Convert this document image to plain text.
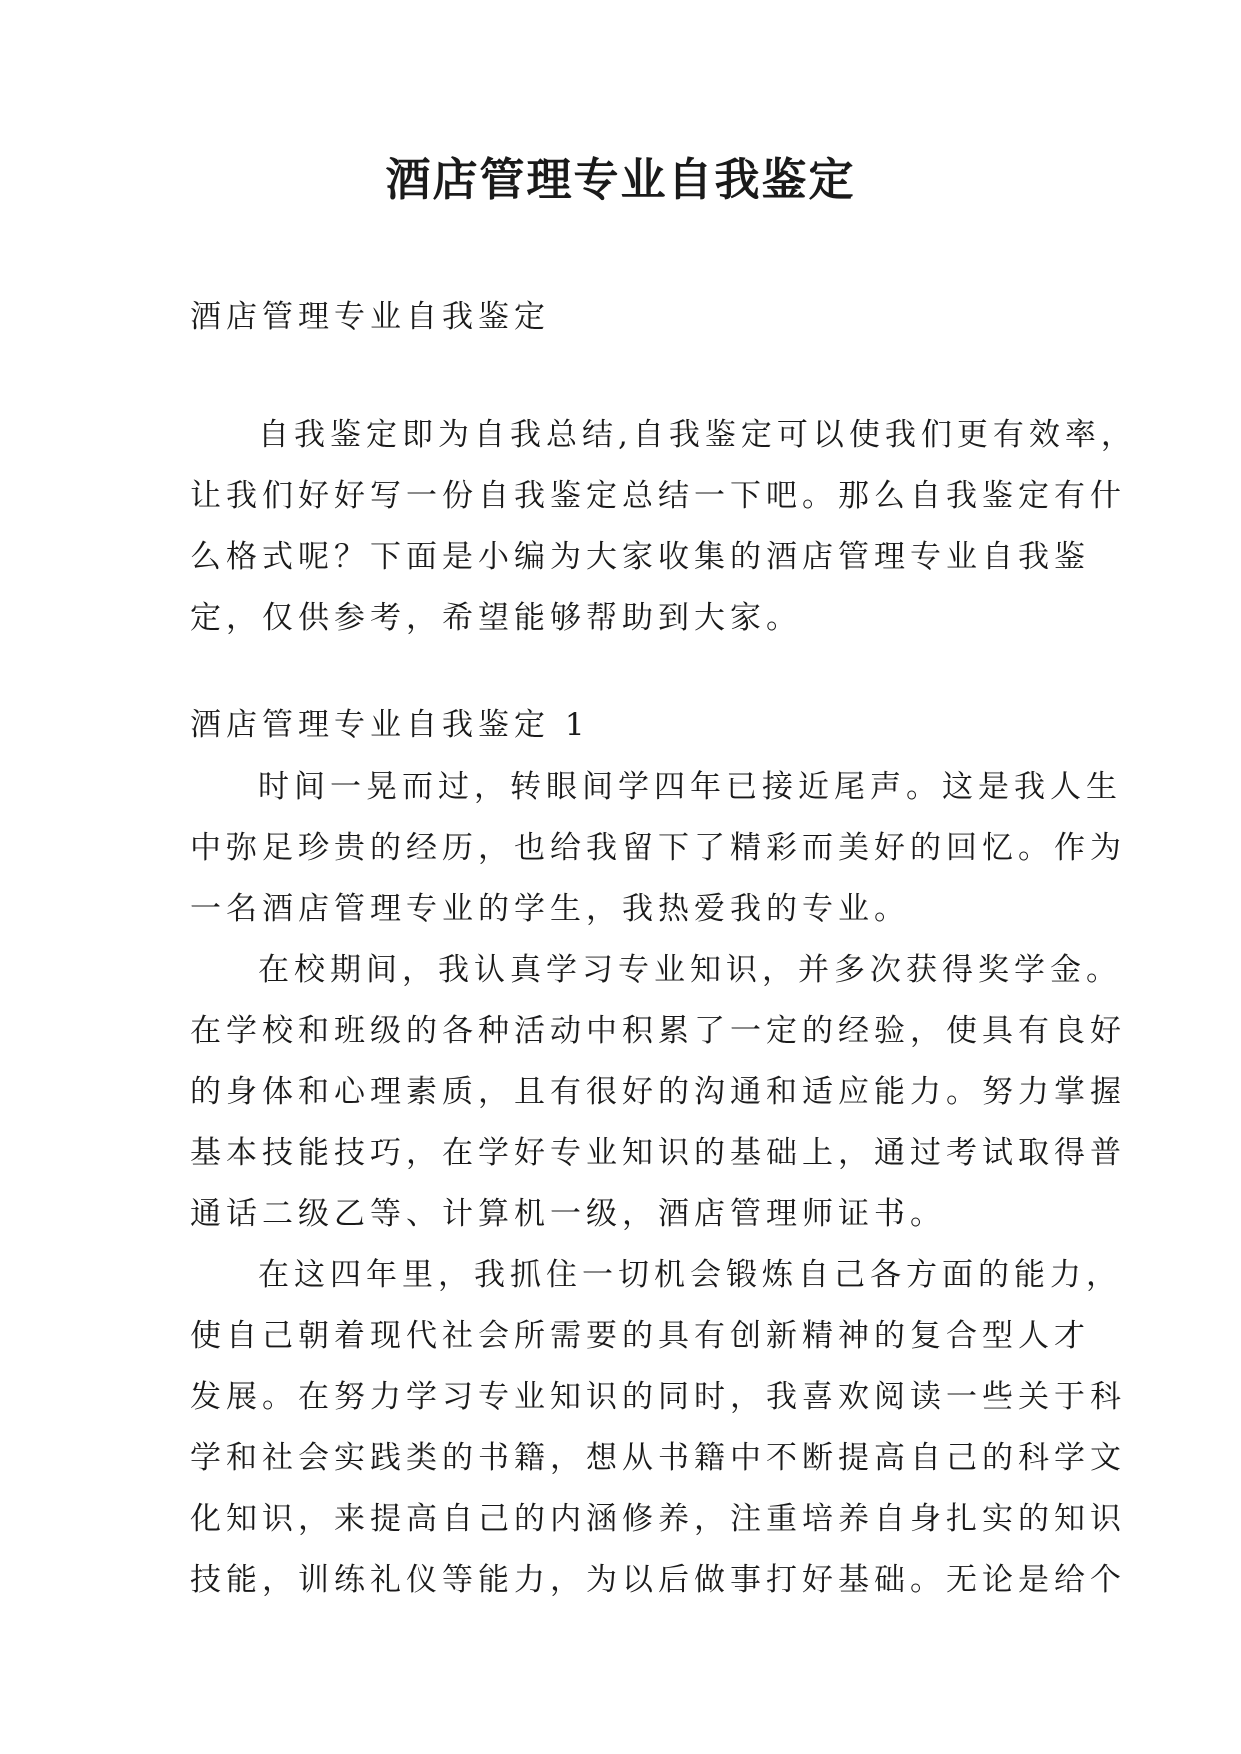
酒店管理专业自我鉴定

酒店管理专业自我鉴定

自我鉴定即为自我总结,自我鉴定可以使我们更有效率，
让我们好好写一份自我鉴定总结一下吧。那么自我鉴定有什
么格式呢？下面是小编为大家收集的酒店管理专业自我鉴
定，仅供参考，希望能够帮助到大家。

酒店管理专业自我鉴定 1

时间一晃而过，转眼间学四年已接近尾声。这是我人生
中弥足珍贵的经历，也给我留下了精彩而美好的回忆。作为
一名酒店管理专业的学生，我热爱我的专业。
在校期间，我认真学习专业知识，并多次获得奖学金。
在学校和班级的各种活动中积累了一定的经验，使具有良好
的身体和心理素质，且有很好的沟通和适应能力。努力掌握
基本技能技巧，在学好专业知识的基础上，通过考试取得普
通话二级乙等、计算机一级，酒店管理师证书。
在这四年里，我抓住一切机会锻炼自己各方面的能力，
使自己朝着现代社会所需要的具有创新精神的复合型人才
发展。在努力学习专业知识的同时，我喜欢阅读一些关于科
学和社会实践类的书籍，想从书籍中不断提高自己的科学文
化知识，来提高自己的内涵修养，注重培养自身扎实的知识
技能，训练礼仪等能力，为以后做事打好基础。无论是给个
